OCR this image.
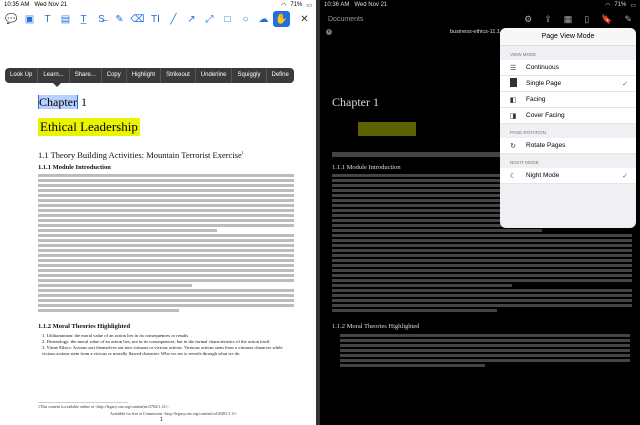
10:35 AM Wed Nov 21	◠ 71% ▭
💬 ▣	T	▤	T̲	S̶	✎ ⌫ TI	╱	↗ ⤢	□	○ ☁ ✋	✕
Look Up	Learn...	Share...	Copy	Highlight	Strikeout	Underline	Squiggly	Define
Chapter 1
Ethical Leadership
1.1 Theory Building Activities: Mountain Terrorist Exercise$^1$
1.1.1 Module Introduction
1.1.2 Moral Theories Highlighted
1. Utilitarianism: the moral value of an action lies in its consequences or results
2. Deontology: the moral value of an action lies, not in its consequences, but in the formal characteristics of the action itself.
3. Virtue Ethics: Actions sort themselves out into virtuous or vicious actions. Virtuous actions stem from a virtuous character while vicious actions stem from a vicious or morally flawed character. Who we are is reveals through what we do.
1This content is available online at <http://legacy.cnx.org/content/m13784/1.13/>.
Available for free at Connexions <http://legacy.cnx.org/content/col10491/1.11>
1
10:36 AM Wed Nov 21	◠ 71% ▭
Documents	⚙ ⇪ ▦ ▯ 🔖 ✎
×	business-ethics-11.1
Chapter 1
1.1.1 Module Introduction
1.1.2 Moral Theories Highlighted
Page View Mode
VIEW MODE
☰ Continuous
Single Page	✓
◧ Facing
◨ Cover Facing
PAGE ROTATION
↻	Rotate Pages
NIGHT MODE
☾ Night Mode	✓
